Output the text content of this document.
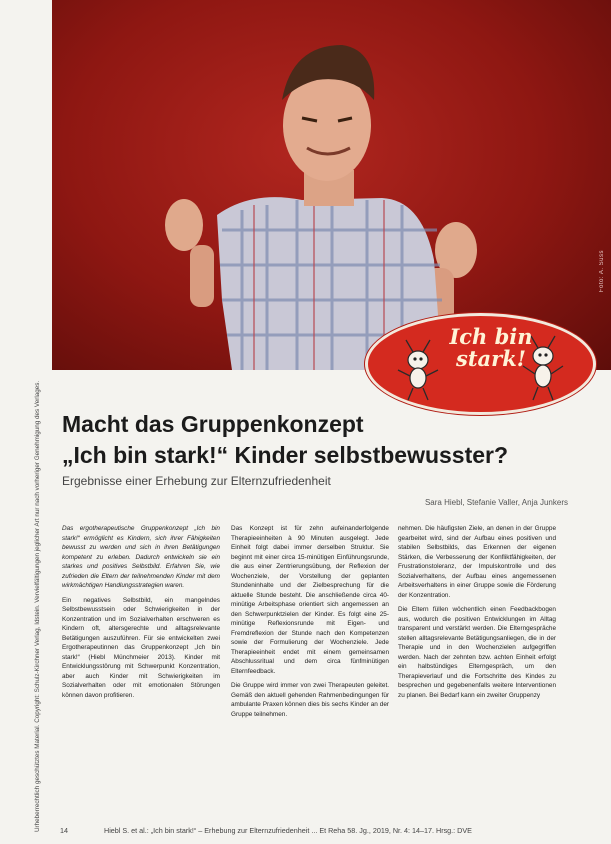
Foto: A. Süss
Urheberrechtlich geschütztes Material. Copyright: Schulz-Kirchner Verlag, Idstein. Vervielfältigungen jeglicher Art nur nach vorheriger Genehmigung des Verlages.
Ich bin
stark!
Macht das Gruppenkonzept
„Ich bin stark!“ Kinder selbstbewusster?
Ergebnisse einer Erhebung zur Elternzufriedenheit
Sara Hiebl, Stefanie Valler, Anja Junkers

Das ergotherapeutische Gruppenkonzept „Ich bin stark!“ ermöglicht es Kindern, sich ihrer Fähigkeiten bewusst zu werden und sich in ihren Betätigungen kompetent zu erleben. Dadurch entwickeln sie ein starkes und positives Selbstbild. Erfahren Sie, wie zufrieden die Eltern der teilnehmenden Kinder mit dem wirkmächtigen Handlungsstrategien waren.

Ein negatives Selbstbild, ein mangelndes Selbstbewusstsein oder Schwierigkeiten in der Konzentration und im Sozialverhalten erschweren es Kindern oft, altersgerechte und alltagsrelevante Betätigungen auszuführen. Für sie entwickelten zwei Ergotherapeutinnen das Gruppenkonzept „Ich bin stark!“ (Hiebl Münchmeier 2013). Kinder mit Entwicklungsstörung mit Schwerpunkt Konzentration, aber auch Kinder mit Schwierigkeiten im Sozialverhalten oder mit emotionalen Störungen können davon profitieren.

Das Konzept ist für zehn aufeinanderfolgende Therapieeinheiten à 90 Minuten ausgelegt. Jede Einheit folgt dabei immer derselben Struktur. Sie beginnt mit einer circa 15-minütigen Einführungsrunde, die aus einer Zentrierungsübung, der Reflexion der Wochenziele, der Vorstellung der geplanten Stundeninhalte und der Zielbesprechung für die aktuelle Stunde besteht. Die anschließende circa 40-minütige Arbeitsphase orientiert sich angemessen an den Schwerpunktzielen der Kinder. Es folgt eine 25-minütige Reflexionsrunde mit Eigen- und Fremdreflexion der Stunde nach den Kompetenzen sowie der Formulierung der Wochenziele. Jede Therapieeinheit endet mit einem gemeinsamen Abschlussritual und dem circa fünfminütigen Elternfeedback.

Die Gruppe wird immer von zwei Therapeuten geleitet. Gemäß den aktuell gehenden Rahmenbedingungen für ambulante Praxen können dies bis sechs Kinder an der Gruppe teilnehmen.

nehmen. Die häufigsten Ziele, an denen in der Gruppe gearbeitet wird, sind der Aufbau eines positiven und stabilen Selbstbilds, das Erkennen der eigenen Stärken, die Verbesserung der Konfliktfähigkeiten, der Frustrationstoleranz, der Impulskontrolle und des Sozialverhaltens, der Aufbau eines angemessenen Arbeitsverhaltens in einer Gruppe sowie die Förderung der Konzentration.

Die Eltern füllen wöchentlich einen Feedbackbogen aus, wodurch die positiven Entwicklungen im Alltag transparent und verstärkt werden. Die Elterngespräche stellen alltagsrelevante Betätigungsanliegen, die in der Therapie und in den Wochenzielen aufgegriffen werden. Nach der zehnten bzw. achten Einheit erfolgt ein halbstündiges Elterngespräch, um den Therapieverlauf und die Fortschritte des Kindes zu besprechen und gegebenenfalls weitere Interventionen zu planen. Bei Bedarf kann ein zweiter Gruppenzy

14	Hiebl S. et al.: „Ich bin stark!“ – Erhebung zur Elternzufriedenheit ... Et Reha 58. Jg., 2019, Nr. 4: 14–17. Hrsg.: DVE
